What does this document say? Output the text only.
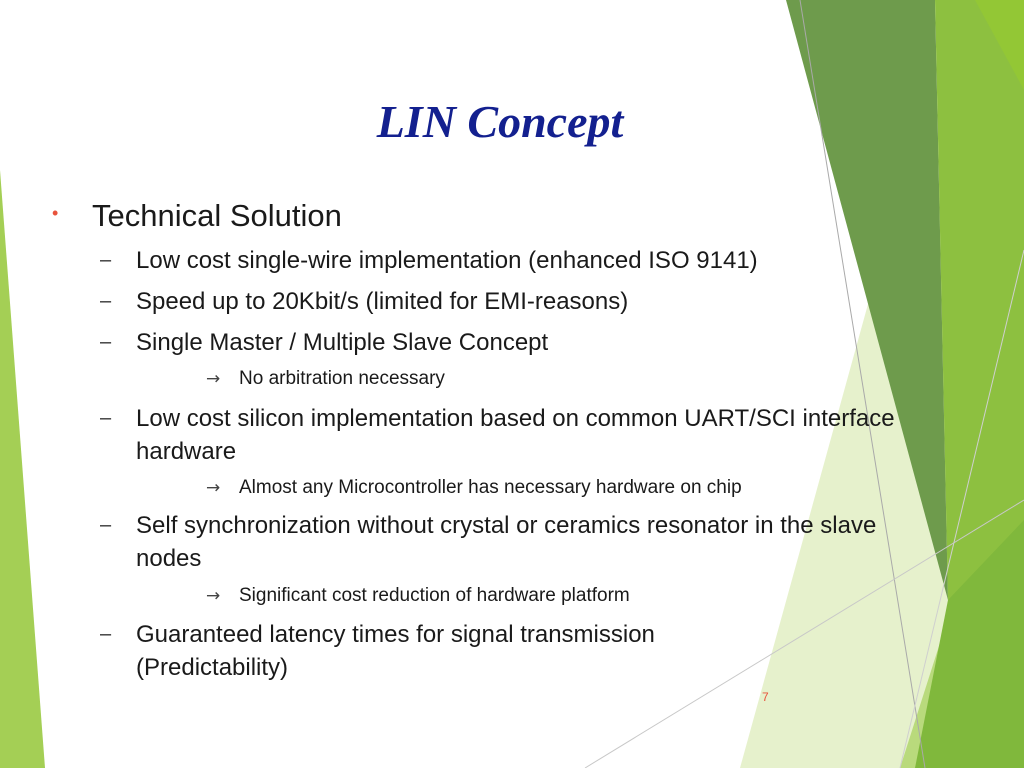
LIN Concept
• Technical Solution
– Low cost single-wire implementation (enhanced ISO 9141)
– Speed up to 20Kbit/s (limited for EMI-reasons)
– Single Master / Multiple Slave Concept
→ No arbitration necessary
– Low cost silicon implementation based on common UART/SCI interface hardware
→ Almost any Microcontroller has necessary hardware on chip
– Self synchronization without crystal or ceramics resonator in the slave nodes
→ Significant cost reduction of hardware platform
– Guaranteed latency times for signal transmission (Predictability)
7
